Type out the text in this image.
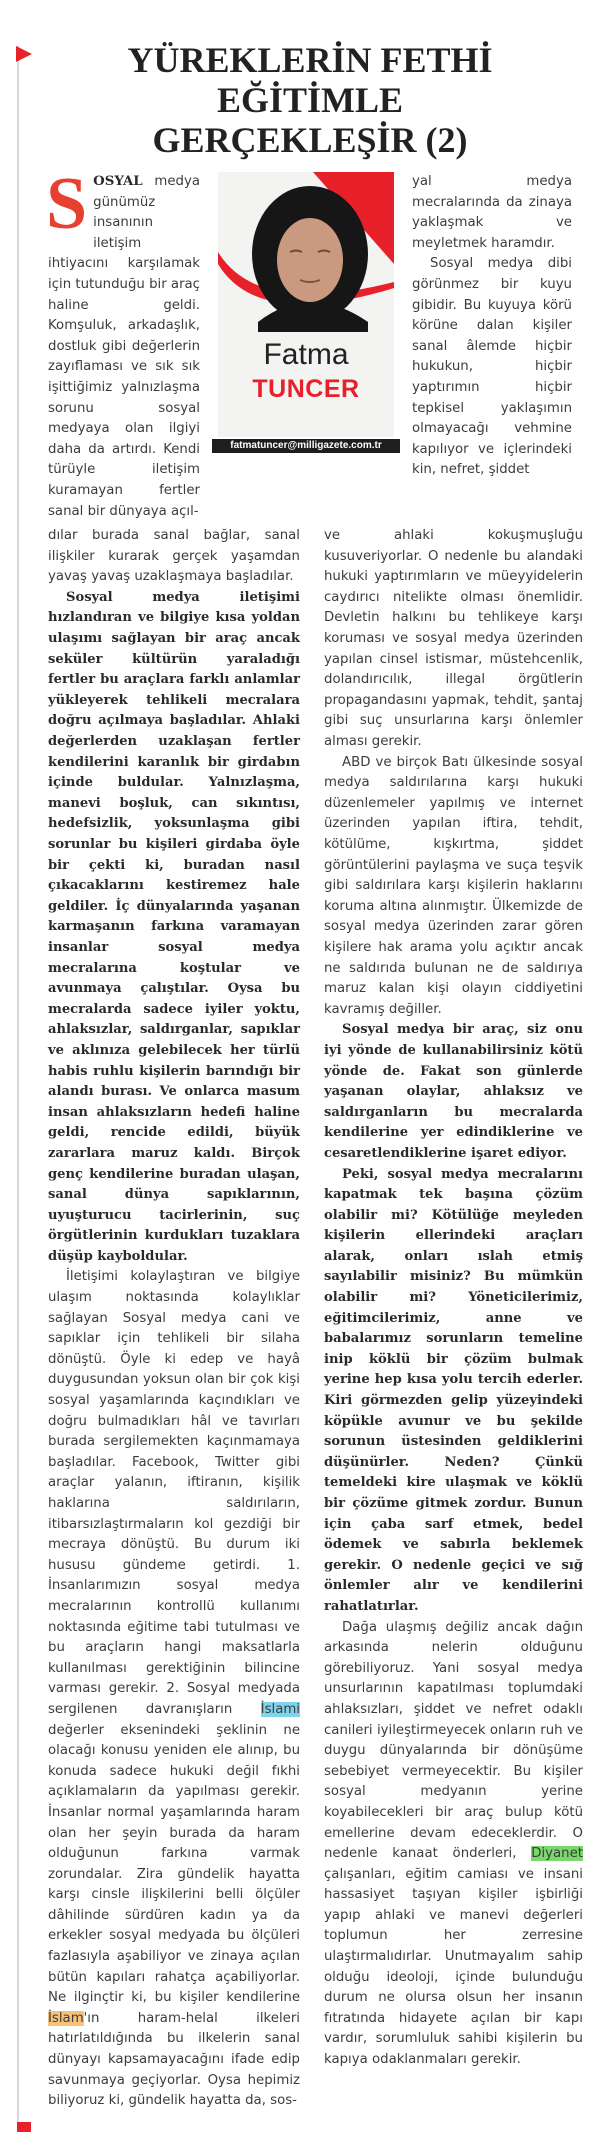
YÜREKLERİN FETHİ EĞİTİMLE
GERÇEKLEŞİR (2)

SOSYAL medya günümüz insanının iletişim ihtiyacını karşılamak için tutunduğu bir araç haline geldi. Komşuluk, arkadaşlık, dostluk gibi değerlerin zayıflaması ve sık sık işittiğimiz yalnızlaşma sorunu sosyal medyaya olan ilgiyi daha da artırdı. Kendi türüyle iletişim kuramayan fertler sanal bir dünyaya açıl-

Fatma
TUNCER
fatmatuncer@milligazete.com.tr

yal medya mecralarında da zinaya yaklaşmak ve meyletmek haramdır.

Sosyal medya dibi görünmez bir kuyu gibidir. Bu kuyuya körü körüne dalan kişiler sanal âlemde hiçbir hukukun, hiçbir yaptırımın hiçbir tepkisel yaklaşımın olmayacağı vehmine kapılıyor ve içlerindeki kin, nefret, şiddet

dılar burada sanal bağlar, sanal ilişkiler kurarak gerçek yaşamdan yavaş yavaş uzaklaşmaya başladılar.

Sosyal medya iletişimi hızlandıran ve bilgiye kısa yoldan ulaşımı sağlayan bir araç ancak seküler kültürün yaraladığı fertler bu araçlara farklı anlamlar yükleyerek tehlikeli mecralara doğru açılmaya başladılar. Ahlaki değerlerden uzaklaşan fertler kendilerini karanlık bir girdabın içinde buldular. Yalnızlaşma, manevi boşluk, can sıkıntısı, hedefsizlik, yoksunlaşma gibi sorunlar bu kişileri girdaba öyle bir çekti ki, buradan nasıl çıkacaklarını kestiremez hale geldiler. İç dünyalarında yaşanan karmaşanın farkına varamayan insanlar sosyal medya mecralarına koştular ve avunmaya çalıştılar. Oysa bu mecralarda sadece iyiler yoktu, ahlaksızlar, saldırganlar, sapıklar ve aklınıza gelebilecek her türlü habis ruhlu kişilerin barındığı bir alandı burası. Ve onlarca masum insan ahlaksızların hedefi haline geldi, rencide edildi, büyük zararlara maruz kaldı. Birçok genç kendilerine buradan ulaşan, sanal dünya sapıklarının, uyuşturucu tacirlerinin, suç örgütlerinin kurdukları tuzaklara düşüp kayboldular.

İletişimi kolaylaştıran ve bilgiye ulaşım noktasında kolaylıklar sağlayan Sosyal medya cani ve sapıklar için tehlikeli bir silaha dönüştü. Öyle ki edep ve hayâ duygusundan yoksun olan bir çok kişi sosyal yaşamlarında kaçındıkları ve doğru bulmadıkları hâl ve tavırları burada sergilemekten kaçınmamaya başladılar. Facebook, Twitter gibi araçlar yalanın, iftiranın, kişilik haklarına saldırıların, itibarsızlaştırmaların kol gezdiği bir mecraya dönüştü. Bu durum iki hususu gündeme getirdi. 1. İnsanlarımızın sosyal medya mecralarının kontrollü kullanımı noktasında eğitime tabi tutulması ve bu araçların hangi maksatlarla kullanılması gerektiğinin bilincine varması gerekir. 2. Sosyal medyada sergilenen davranışların İslami değerler eksenindeki şeklinin ne olacağı konusu yeniden ele alınıp, bu konuda sadece hukuki değil fıkhi açıklamaların da yapılması gerekir. İnsanlar normal yaşamlarında haram olan her şeyin burada da haram olduğunun farkına varmak zorundalar. Zira gündelik hayatta karşı cinsle ilişkilerini belli ölçüler dâhilinde sürdüren kadın ya da erkekler sosyal medyada bu ölçüleri fazlasıyla aşabiliyor ve zinaya açılan bütün kapıları rahatça açabiliyorlar. Ne ilginçtir ki, bu kişiler kendilerine İslam'ın haram-helal ilkeleri hatırlatıldığında bu ilkelerin sanal dünyayı kapsamayacağını ifade edip savunmaya geçiyorlar. Oysa hepimiz biliyoruz ki, gündelik hayatta da, sos-

ve ahlaki kokuşmuşluğu kusuveriyorlar. O nedenle bu alandaki hukuki yaptırımların ve müeyyidelerin caydırıcı nitelikte olması önemlidir. Devletin halkını bu tehlikeye karşı koruması ve sosyal medya üzerinden yapılan cinsel istismar, müstehcenlik, dolandırıcılık, illegal örgütlerin propagandasını yapmak, tehdit, şantaj gibi suç unsurlarına karşı önlemler alması gerekir.

ABD ve birçok Batı ülkesinde sosyal medya saldırılarına karşı hukuki düzenlemeler yapılmış ve internet üzerinden yapılan iftira, tehdit, kötülüme, kışkırtma, şiddet görüntülerini paylaşma ve suça teşvik gibi saldırılara karşı kişilerin haklarını koruma altına alınmıştır. Ülkemizde de sosyal medya üzerinden zarar gören kişilere hak arama yolu açıktır ancak ne saldırıda bulunan ne de saldırıya maruz kalan kişi olayın ciddiyetini kavramış değiller.

Sosyal medya bir araç, siz onu iyi yönde de kullanabilirsiniz kötü yönde de. Fakat son günlerde yaşanan olaylar, ahlaksız ve saldırganların bu mecralarda kendilerine yer edindiklerine ve cesaretlendiklerine işaret ediyor.

Peki, sosyal medya mecralarını kapatmak tek başına çözüm olabilir mi? Kötülüğe meyleden kişilerin ellerindeki araçları alarak, onları ıslah etmiş sayılabilir misiniz? Bu mümkün olabilir mi? Yöneticilerimiz, eğitimcilerimiz, anne ve babalarımız sorunların temeline inip köklü bir çözüm bulmak yerine hep kısa yolu tercih ederler. Kiri görmezden gelip yüzeyindeki köpükle avunur ve bu şekilde sorunun üstesinden geldiklerini düşünürler. Neden? Çünkü temeldeki kire ulaşmak ve köklü bir çözüme gitmek zordur. Bunun için çaba sarf etmek, bedel ödemek ve sabırla beklemek gerekir. O nedenle geçici ve sığ önlemler alır ve kendilerini rahatlatırlar.

Dağa ulaşmış değiliz ancak dağın arkasında nelerin olduğunu görebiliyoruz. Yani sosyal medya unsurlarının kapatılması toplumdaki ahlaksızları, şiddet ve nefret odaklı canileri iyileştirmeyecek onların ruh ve duygu dünyalarında bir dönüşüme sebebiyet vermeyecektir. Bu kişiler sosyal medyanın yerine koyabilecekleri bir araç bulup kötü emellerine devam edeceklerdir. O nedenle kanaat önderleri, Diyanet çalışanları, eğitim camiası ve insani hassasiyet taşıyan kişiler işbirliği yapıp ahlaki ve manevi değerleri toplumun her zerresine ulaştırmalıdırlar. Unutmayalım sahip olduğu ideoloji, içinde bulunduğu durum ne olursa olsun her insanın fıtratında hidayete açılan bir kapı vardır, sorumluluk sahibi kişilerin bu kapıya odaklanmaları gerekir.
